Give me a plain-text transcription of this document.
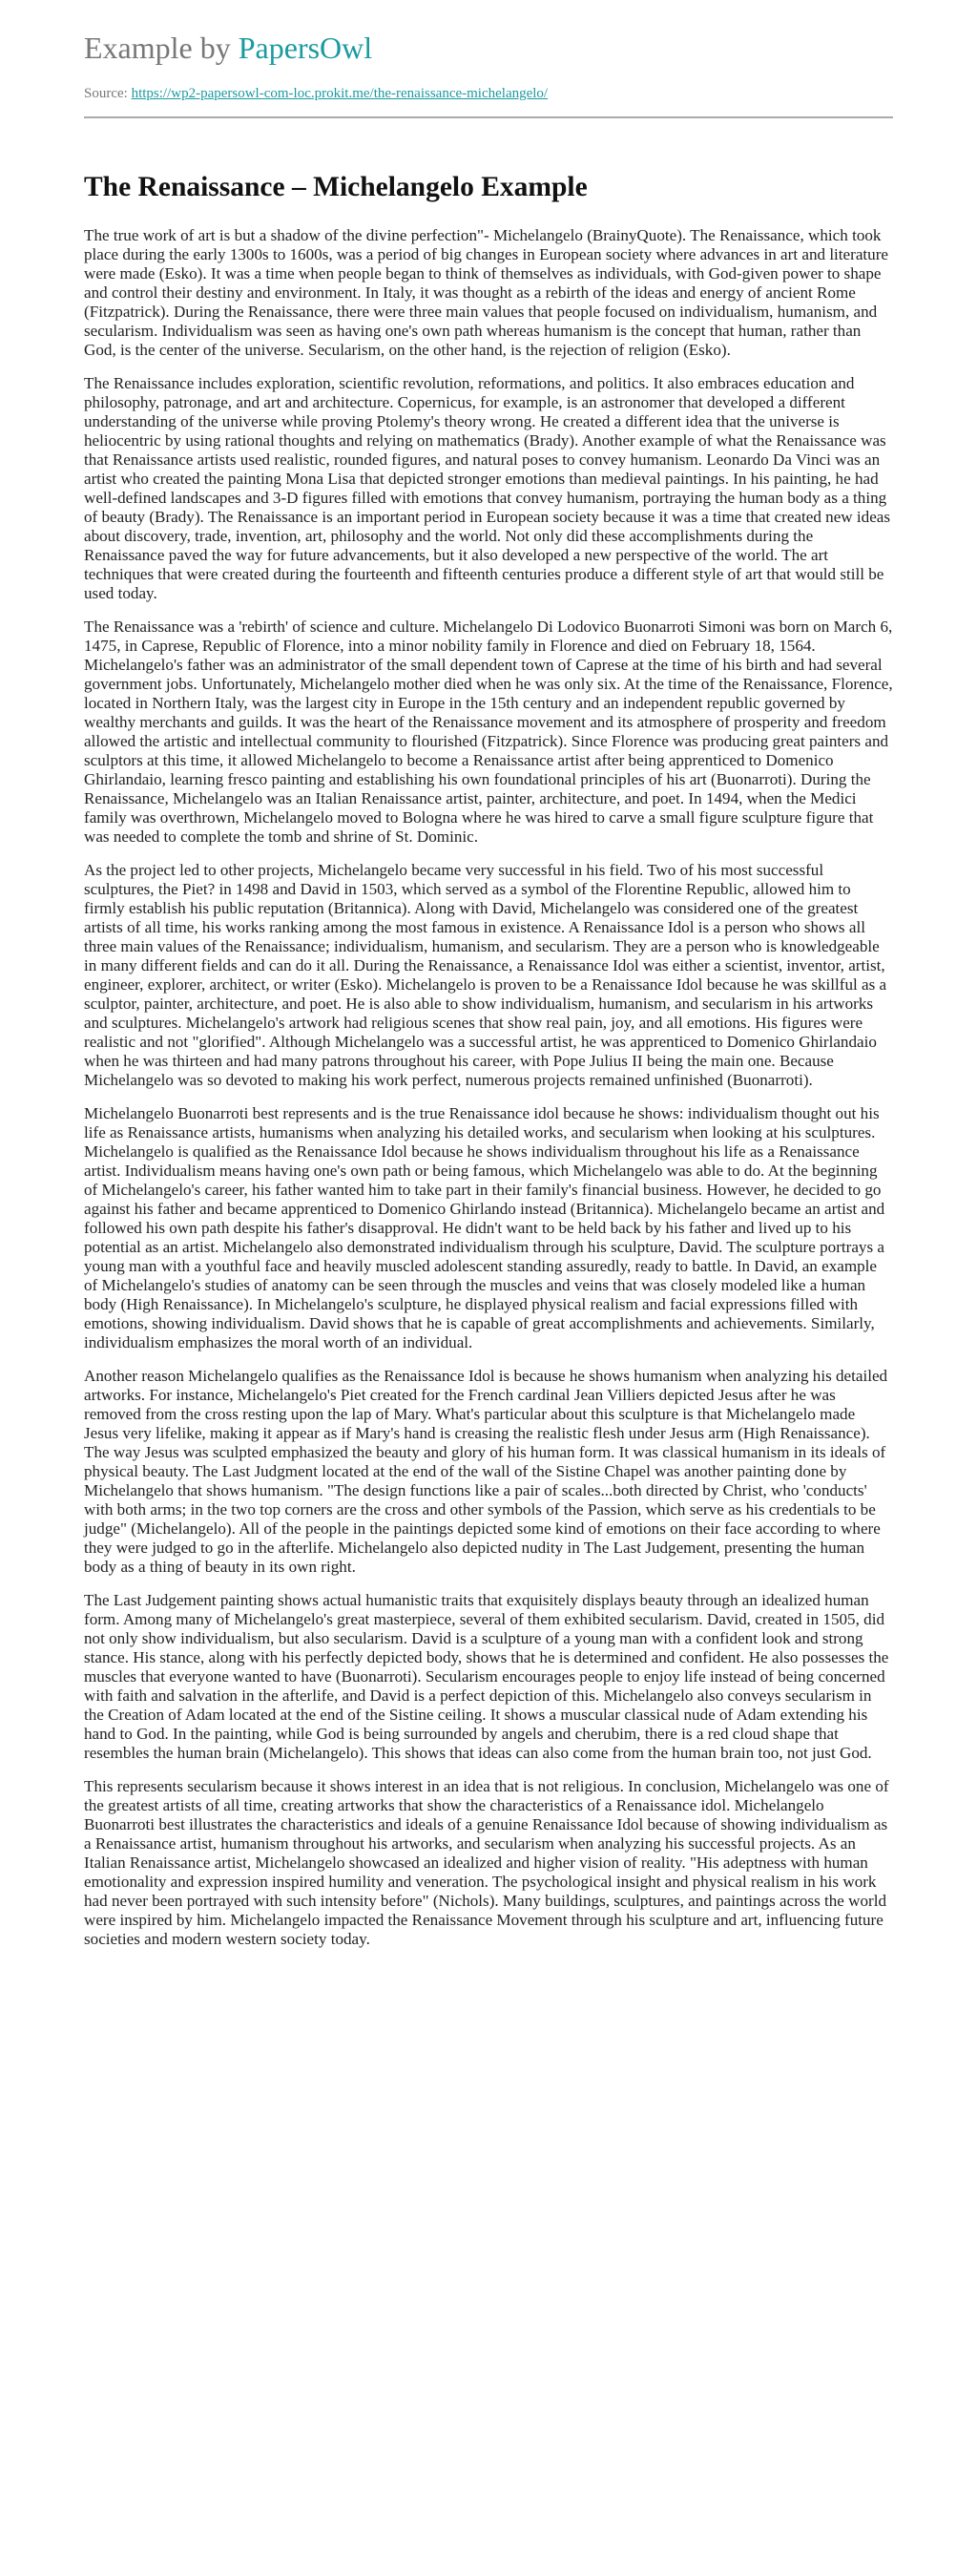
Example by PapersOwl
Source: https://wp2-papersowl-com-loc.prokit.me/the-renaissance-michelangelo/
The Renaissance – Michelangelo Example

The true work of art is but a shadow of the divine perfection"- Michelangelo (BrainyQuote). The Renaissance, which took place during the early 1300s to 1600s, was a period of big changes in European society where advances in art and literature were made (Esko). It was a time when people began to think of themselves as individuals, with God-given power to shape and control their destiny and environment. In Italy, it was thought as a rebirth of the ideas and energy of ancient Rome (Fitzpatrick). During the Renaissance, there were three main values that people focused on individualism, humanism, and secularism. Individualism was seen as having one's own path whereas humanism is the concept that human, rather than God, is the center of the universe. Secularism, on the other hand, is the rejection of religion (Esko).

The Renaissance includes exploration, scientific revolution, reformations, and politics. It also embraces education and philosophy, patronage, and art and architecture. Copernicus, for example, is an astronomer that developed a different understanding of the universe while proving Ptolemy's theory wrong. He created a different idea that the universe is heliocentric by using rational thoughts and relying on mathematics (Brady). Another example of what the Renaissance was that Renaissance artists used realistic, rounded figures, and natural poses to convey humanism. Leonardo Da Vinci was an artist who created the painting Mona Lisa that depicted stronger emotions than medieval paintings. In his painting, he had well-defined landscapes and 3-D figures filled with emotions that convey humanism, portraying the human body as a thing of beauty (Brady). The Renaissance is an important period in European society because it was a time that created new ideas about discovery, trade, invention, art, philosophy and the world. Not only did these accomplishments during the Renaissance paved the way for future advancements, but it also developed a new perspective of the world. The art techniques that were created during the fourteenth and fifteenth centuries produce a different style of art that would still be used today.

The Renaissance was a 'rebirth' of science and culture. Michelangelo Di Lodovico Buonarroti Simoni was born on March 6, 1475, in Caprese, Republic of Florence, into a minor nobility family in Florence and died on February 18, 1564. Michelangelo's father was an administrator of the small dependent town of Caprese at the time of his birth and had several government jobs. Unfortunately, Michelangelo mother died when he was only six. At the time of the Renaissance, Florence, located in Northern Italy, was the largest city in Europe in the 15th century and an independent republic governed by wealthy merchants and guilds. It was the heart of the Renaissance movement and its atmosphere of prosperity and freedom allowed the artistic and intellectual community to flourished (Fitzpatrick). Since Florence was producing great painters and sculptors at this time, it allowed Michelangelo to become a Renaissance artist after being apprenticed to Domenico Ghirlandaio, learning fresco painting and establishing his own foundational principles of his art (Buonarroti). During the Renaissance, Michelangelo was an Italian Renaissance artist, painter, architecture, and poet. In 1494, when the Medici family was overthrown, Michelangelo moved to Bologna where he was hired to carve a small figure sculpture figure that was needed to complete the tomb and shrine of St. Dominic.

As the project led to other projects, Michelangelo became very successful in his field. Two of his most successful sculptures, the Piet? in 1498 and David in 1503, which served as a symbol of the Florentine Republic, allowed him to firmly establish his public reputation (Britannica). Along with David, Michelangelo was considered one of the greatest artists of all time, his works ranking among the most famous in existence. A Renaissance Idol is a person who shows all three main values of the Renaissance; individualism, humanism, and secularism. They are a person who is knowledgeable in many different fields and can do it all. During the Renaissance, a Renaissance Idol was either a scientist, inventor, artist, engineer, explorer, architect, or writer (Esko). Michelangelo is proven to be a Renaissance Idol because he was skillful as a sculptor, painter, architecture, and poet. He is also able to show individualism, humanism, and secularism in his artworks and sculptures. Michelangelo's artwork had religious scenes that show real pain, joy, and all emotions. His figures were realistic and not "glorified". Although Michelangelo was a successful artist, he was apprenticed to Domenico Ghirlandaio when he was thirteen and had many patrons throughout his career, with Pope Julius II being the main one. Because Michelangelo was so devoted to making his work perfect, numerous projects remained unfinished (Buonarroti).

Michelangelo Buonarroti best represents and is the true Renaissance idol because he shows: individualism thought out his life as Renaissance artists, humanisms when analyzing his detailed works, and secularism when looking at his sculptures. Michelangelo is qualified as the Renaissance Idol because he shows individualism throughout his life as a Renaissance artist. Individualism means having one's own path or being famous, which Michelangelo was able to do. At the beginning of Michelangelo's career, his father wanted him to take part in their family's financial business. However, he decided to go against his father and became apprenticed to Domenico Ghirlando instead (Britannica). Michelangelo became an artist and followed his own path despite his father's disapproval. He didn't want to be held back by his father and lived up to his potential as an artist. Michelangelo also demonstrated individualism through his sculpture, David. The sculpture portrays a young man with a youthful face and heavily muscled adolescent standing assuredly, ready to battle. In David, an example of Michelangelo's studies of anatomy can be seen through the muscles and veins that was closely modeled like a human body (High Renaissance). In Michelangelo's sculpture, he displayed physical realism and facial expressions filled with emotions, showing individualism. David shows that he is capable of great accomplishments and achievements. Similarly, individualism emphasizes the moral worth of an individual.

Another reason Michelangelo qualifies as the Renaissance Idol is because he shows humanism when analyzing his detailed artworks. For instance, Michelangelo's Piet created for the French cardinal Jean Villiers depicted Jesus after he was removed from the cross resting upon the lap of Mary. What's particular about this sculpture is that Michelangelo made Jesus very lifelike, making it appear as if Mary's hand is creasing the realistic flesh under Jesus arm (High Renaissance). The way Jesus was sculpted emphasized the beauty and glory of his human form. It was classical humanism in its ideals of physical beauty. The Last Judgment located at the end of the wall of the Sistine Chapel was another painting done by Michelangelo that shows humanism. "The design functions like a pair of scales...both directed by Christ, who 'conducts' with both arms; in the two top corners are the cross and other symbols of the Passion, which serve as his credentials to be judge" (Michelangelo). All of the people in the paintings depicted some kind of emotions on their face according to where they were judged to go in the afterlife. Michelangelo also depicted nudity in The Last Judgement, presenting the human body as a thing of beauty in its own right.

The Last Judgement painting shows actual humanistic traits that exquisitely displays beauty through an idealized human form. Among many of Michelangelo's great masterpiece, several of them exhibited secularism. David, created in 1505, did not only show individualism, but also secularism. David is a sculpture of a young man with a confident look and strong stance. His stance, along with his perfectly depicted body, shows that he is determined and confident. He also possesses the muscles that everyone wanted to have (Buonarroti). Secularism encourages people to enjoy life instead of being concerned with faith and salvation in the afterlife, and David is a perfect depiction of this. Michelangelo also conveys secularism in the Creation of Adam located at the end of the Sistine ceiling. It shows a muscular classical nude of Adam extending his hand to God. In the painting, while God is being surrounded by angels and cherubim, there is a red cloud shape that resembles the human brain (Michelangelo). This shows that ideas can also come from the human brain too, not just God.

This represents secularism because it shows interest in an idea that is not religious. In conclusion, Michelangelo was one of the greatest artists of all time, creating artworks that show the characteristics of a Renaissance idol. Michelangelo Buonarroti best illustrates the characteristics and ideals of a genuine Renaissance Idol because of showing individualism as a Renaissance artist, humanism throughout his artworks, and secularism when analyzing his successful projects. As an Italian Renaissance artist, Michelangelo showcased an idealized and higher vision of reality. "His adeptness with human emotionality and expression inspired humility and veneration. The psychological insight and physical realism in his work had never been portrayed with such intensity before" (Nichols). Many buildings, sculptures, and paintings across the world were inspired by him. Michelangelo impacted the Renaissance Movement through his sculpture and art, influencing future societies and modern western society today.
